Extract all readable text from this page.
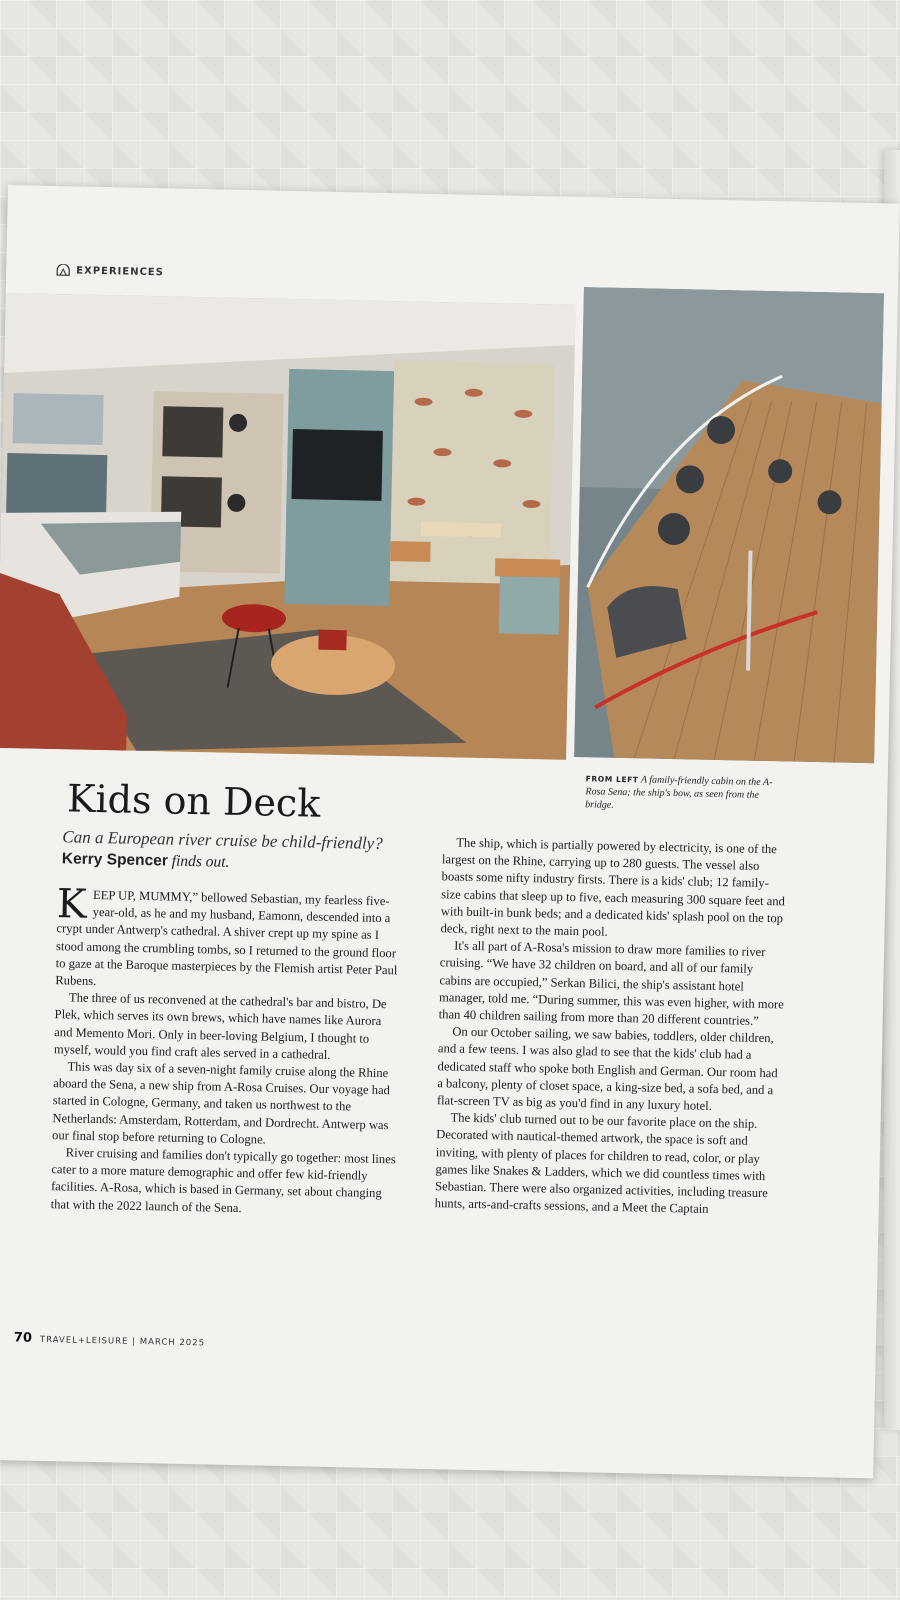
EXPERIENCES
FROM LEFT A family-friendly cabin on the A-Rosa Sena; the ship's bow, as seen from the bridge.
Kids on Deck
Can a European river cruise be child-friendly?
Kerry Spencer finds out.

KEEP UP, MUMMY,” bellowed Sebastian, my fearless five-year-old, as he and my husband, Eamonn, descended into a crypt under Antwerp's cathedral. A shiver crept up my spine as I stood among the crumbling tombs, so I returned to the ground floor to gaze at the Baroque masterpieces by the Flemish artist Peter Paul Rubens.

The three of us reconvened at the cathedral's bar and bistro, De Plek, which serves its own brews, which have names like Aurora and Memento Mori. Only in beer-loving Belgium, I thought to myself, would you find craft ales served in a cathedral.

This was day six of a seven-night family cruise along the Rhine aboard the Sena, a new ship from A-Rosa Cruises. Our voyage had started in Cologne, Germany, and taken us northwest to the Netherlands: Amsterdam, Rotterdam, and Dordrecht. Antwerp was our final stop before returning to Cologne.

River cruising and families don't typically go together: most lines cater to a more mature demographic and offer few kid-friendly facilities. A-Rosa, which is based in Germany, set about changing that with the 2022 launch of the Sena.

The ship, which is partially powered by electricity, is one of the largest on the Rhine, carrying up to 280 guests. The vessel also boasts some nifty industry firsts. There is a kids' club; 12 family-size cabins that sleep up to five, each measuring 300 square feet and with built-in bunk beds; and a dedicated kids' splash pool on the top deck, right next to the main pool.

It's all part of A-Rosa's mission to draw more families to river cruising. “We have 32 children on board, and all of our family cabins are occupied,” Serkan Bilici, the ship's assistant hotel manager, told me. “During summer, this was even higher, with more than 40 children sailing from more than 20 different countries.”

On our October sailing, we saw babies, toddlers, older children, and a few teens. I was also glad to see that the kids' club had a dedicated staff who spoke both English and German. Our room had a balcony, plenty of closet space, a king-size bed, a sofa bed, and a flat-screen TV as big as you'd find in any luxury hotel.

The kids' club turned out to be our favorite place on the ship. Decorated with nautical-themed artwork, the space is soft and inviting, with plenty of places for children to read, color, or play games like Snakes & Ladders, which we did countless times with Sebastian. There were also organized activities, including treasure hunts, arts-and-crafts sessions, and a Meet the Captain

70 TRAVEL+LEISURE | MARCH 2025
